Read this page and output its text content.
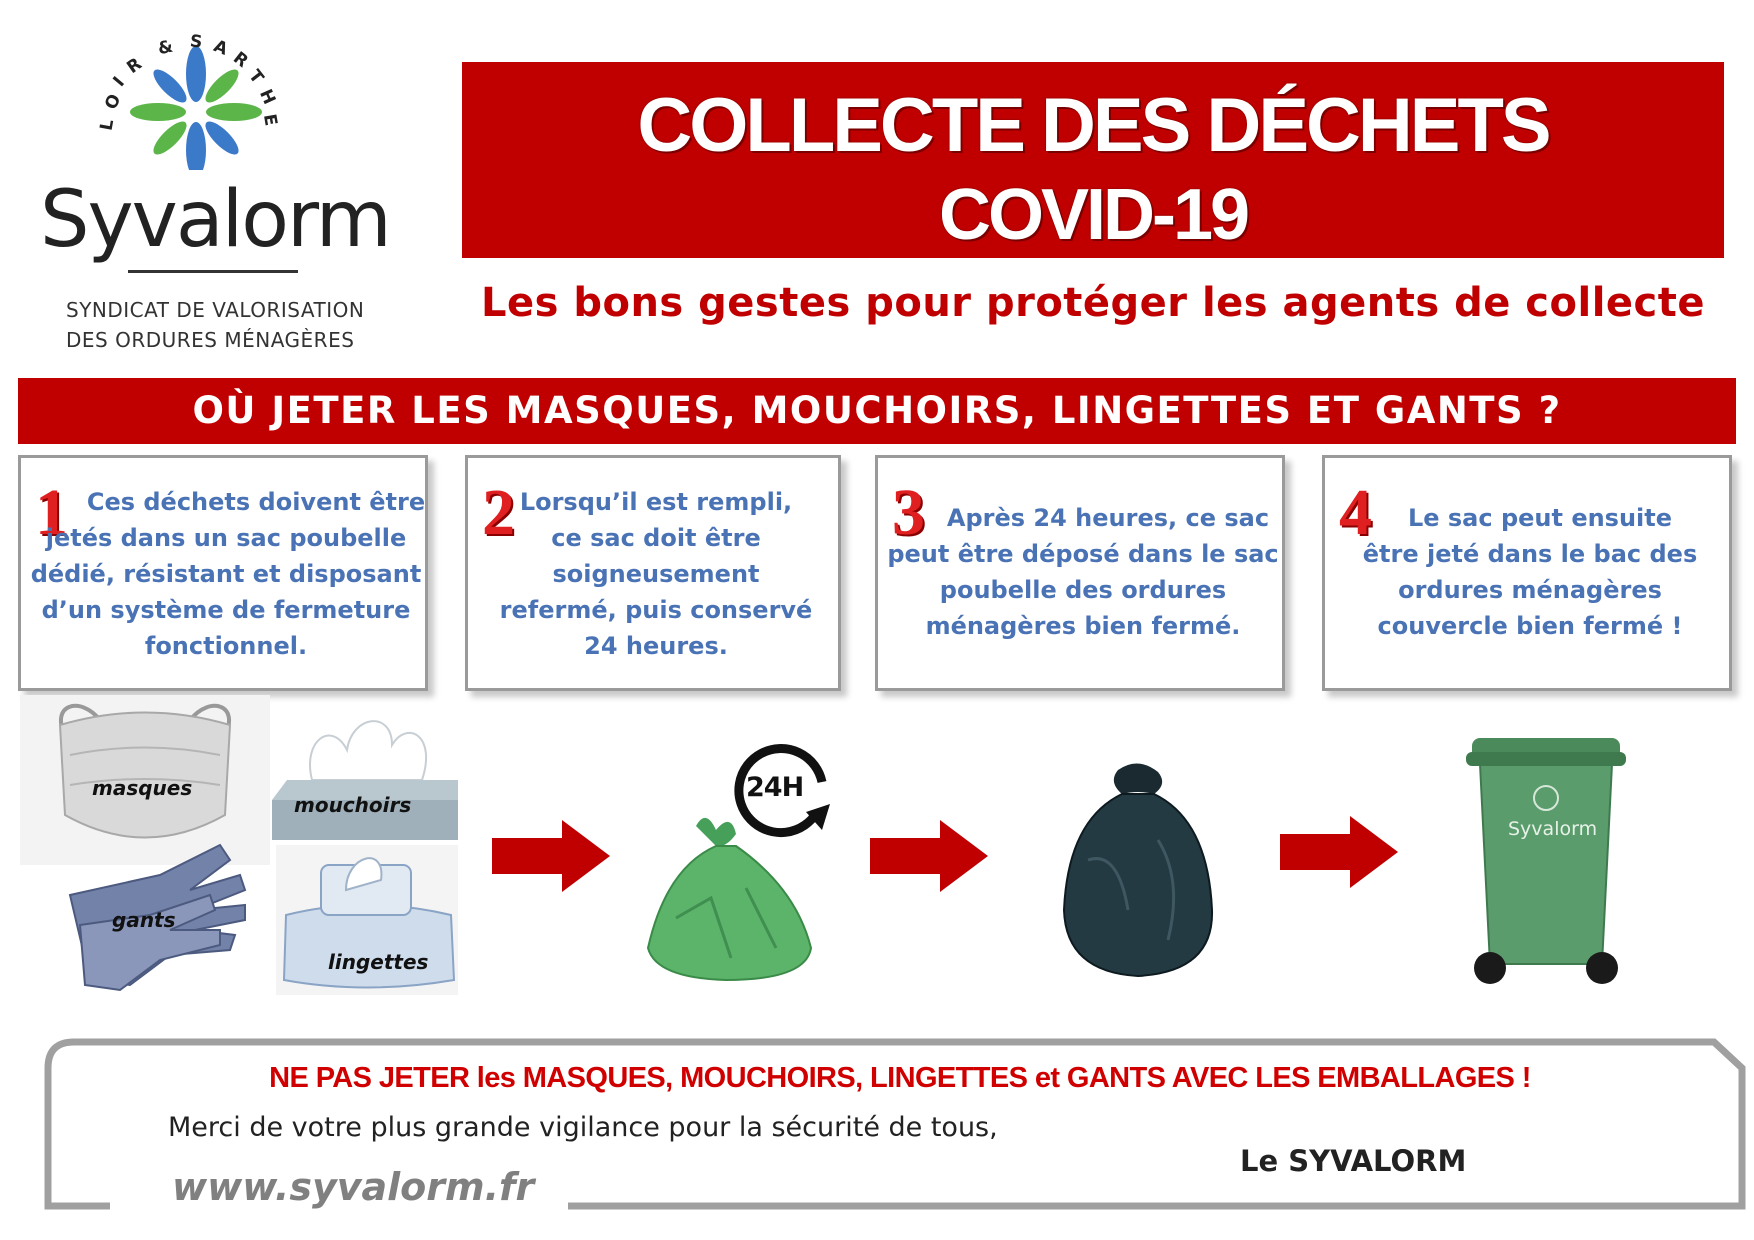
L
O
I
R
& S A
R
T
H
E
Syvalorm
SYNDICAT DE VALORISATION
DES ORDURES MÉNAGÈRES
COLLECTE DES DÉCHETS
COVID-19
Les bons gestes pour protéger les agents de collecte
OÙ JETER LES MASQUES, MOUCHOIRS, LINGETTES ET GANTS ?
1 Ces déchets doivent être
jetés dans un sac poubelle
dédié, résistant et disposant
d’un système de fermeture
fonctionnel.
2 Lorsqu’il est rempli,
ce sac doit être
soigneusement
refermé, puis conservé
24 heures.
3 Après 24 heures, ce sac
peut être déposé dans le sac
poubelle des ordures
ménagères bien fermé.
4	Le sac peut ensuite
être jeté dans le bac des
ordures ménagères
couvercle bien fermé !
masques
gants
mouchoirs
lingettes
24H
Syvalorm
NE PAS JETER les MASQUES, MOUCHOIRS, LINGETTES et GANTS AVEC LES EMBALLAGES !
Merci de votre plus grande vigilance pour la sécurité de tous,
Le SYVALORM
www.syvalorm.fr
